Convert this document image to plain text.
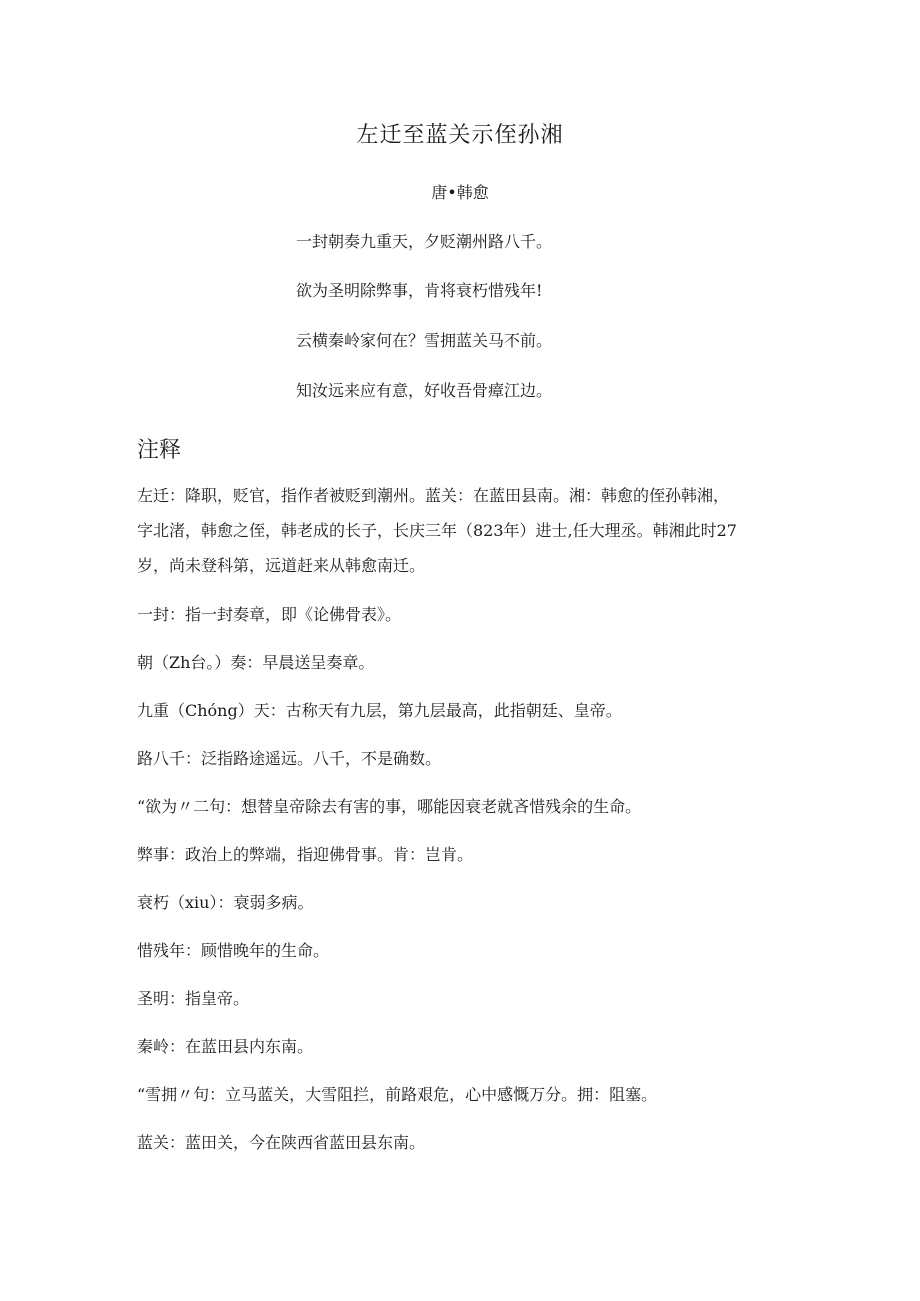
左迁至蓝关示侄孙湘
唐•韩愈
一封朝奏九重天，夕贬潮州路八千。
欲为圣明除弊事，肯将衰朽惜残年!
云横秦岭家何在？雪拥蓝关马不前。
知汝远来应有意，好收吾骨瘴江边。
注释
左迁：降职，贬官，指作者被贬到潮州。蓝关：在蓝田县南。湘：韩愈的侄孙韩湘，
字北渚，韩愈之侄，韩老成的长子，长庆三年（823年）进士,任大理丞。韩湘此时27
岁，尚未登科第，远道赶来从韩愈南迁。
一封：指一封奏章，即《论佛骨表》。
朝（Zh台。）奏：早晨送呈奏章。
九重（Chóng）天：古称天有九层，第九层最高，此指朝廷、皇帝。
路八千：泛指路途遥远。八千，不是确数。
“欲为〃二句：想替皇帝除去有害的事，哪能因衰老就吝惜残余的生命。
弊事：政治上的弊端，指迎佛骨事。肯：岂肯。
衰朽（xiu）：衰弱多病。
惜残年：顾惜晚年的生命。
圣明：指皇帝。
秦岭：在蓝田县内东南。
“雪拥〃句：立马蓝关，大雪阻拦，前路艰危，心中感慨万分。拥：阻塞。
蓝关：蓝田关，今在陕西省蓝田县东南。
